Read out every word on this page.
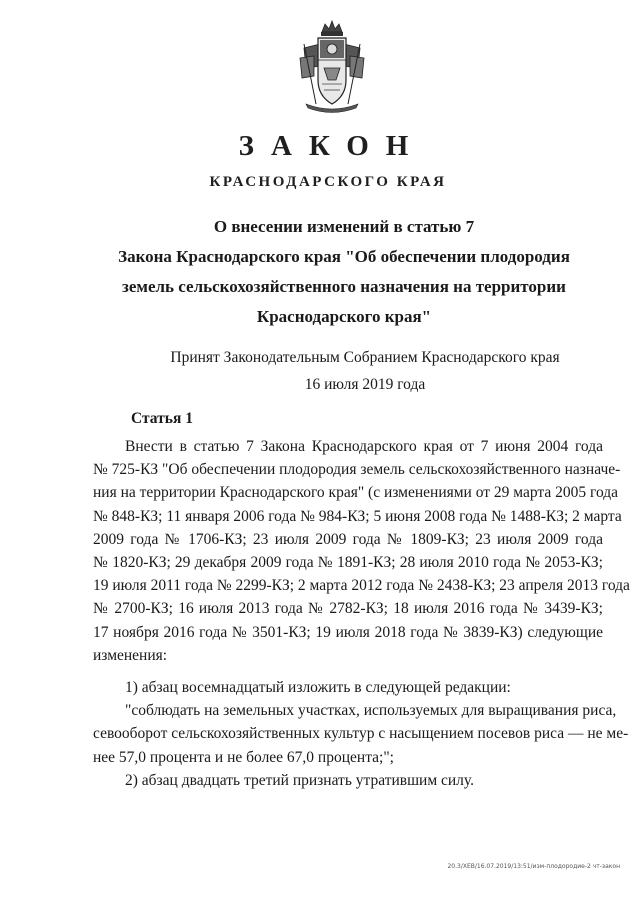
ЗАКОН
КРАСНОДАРСКОГО КРАЯ
О внесении изменений в статью 7
Закона Краснодарского края "Об обеспечении плодородия
земель сельскохозяйственного назначения на территории
Краснодарского края"
Принят Законодательным Собранием Краснодарского края
16 июля 2019 года
Статья 1
Внести в статью 7 Закона Краснодарского края от 7 июня 2004 года
№ 725-КЗ "Об обеспечении плодородия земель сельскохозяйственного назначе-
ния на территории Краснодарского края" (с изменениями от 29 марта 2005 года
№ 848-КЗ; 11 января 2006 года № 984-КЗ; 5 июня 2008 года № 1488-КЗ; 2 марта
2009 года № 1706-КЗ; 23 июля 2009 года № 1809-КЗ; 23 июля 2009 года
№ 1820-КЗ; 29 декабря 2009 года № 1891-КЗ; 28 июля 2010 года № 2053-КЗ;
19 июля 2011 года № 2299-КЗ; 2 марта 2012 года № 2438-КЗ; 23 апреля 2013 года
№ 2700-КЗ; 16 июля 2013 года № 2782-КЗ; 18 июля 2016 года № 3439-КЗ;
17 ноября 2016 года № 3501-КЗ; 19 июля 2018 года № 3839-КЗ) следующие
изменения:
1) абзац восемнадцатый изложить в следующей редакции:
"соблюдать на земельных участках, используемых для выращивания риса,
севооборот сельскохозяйственных культур с насыщением посевов риса — не ме-
нее 57,0 процента и не более 67,0 процента;";
2) абзац двадцать третий признать утратившим силу.
20.3/ХЕВ/16.07.2019/13:51/изм-плодородие-2 чт-закон
